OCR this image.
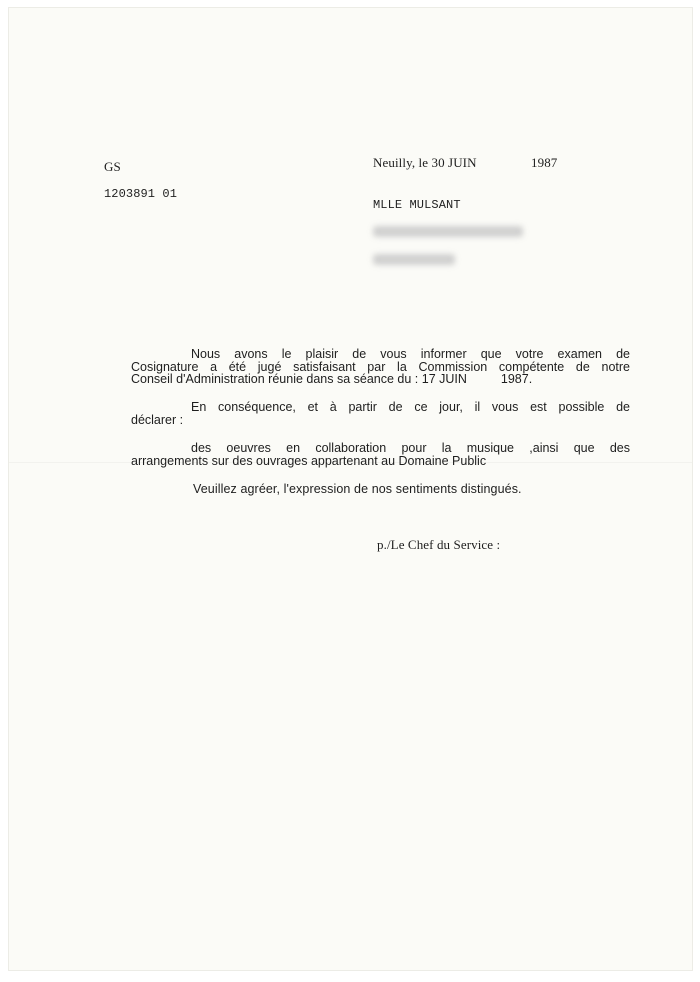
GS

1203891 01

Neuilly, le 30 JUIN	1987

MLLE MULSANT

Nous avons le plaisir de vous informer que votre examen de
Cosignature a été jugé satisfaisant par la Commission compétente de notre
Conseil d'Administration réunie dans sa séance du : 17 JUIN	1987.
En conséquence, et à partir de ce jour, il vous est possible de
déclarer :
des oeuvres en collaboration pour la musique ,ainsi que des
arrangements sur des ouvrages appartenant au Domaine Public

Veuillez agréer, l'expression de nos sentiments distingués.

p./Le Chef du Service :
